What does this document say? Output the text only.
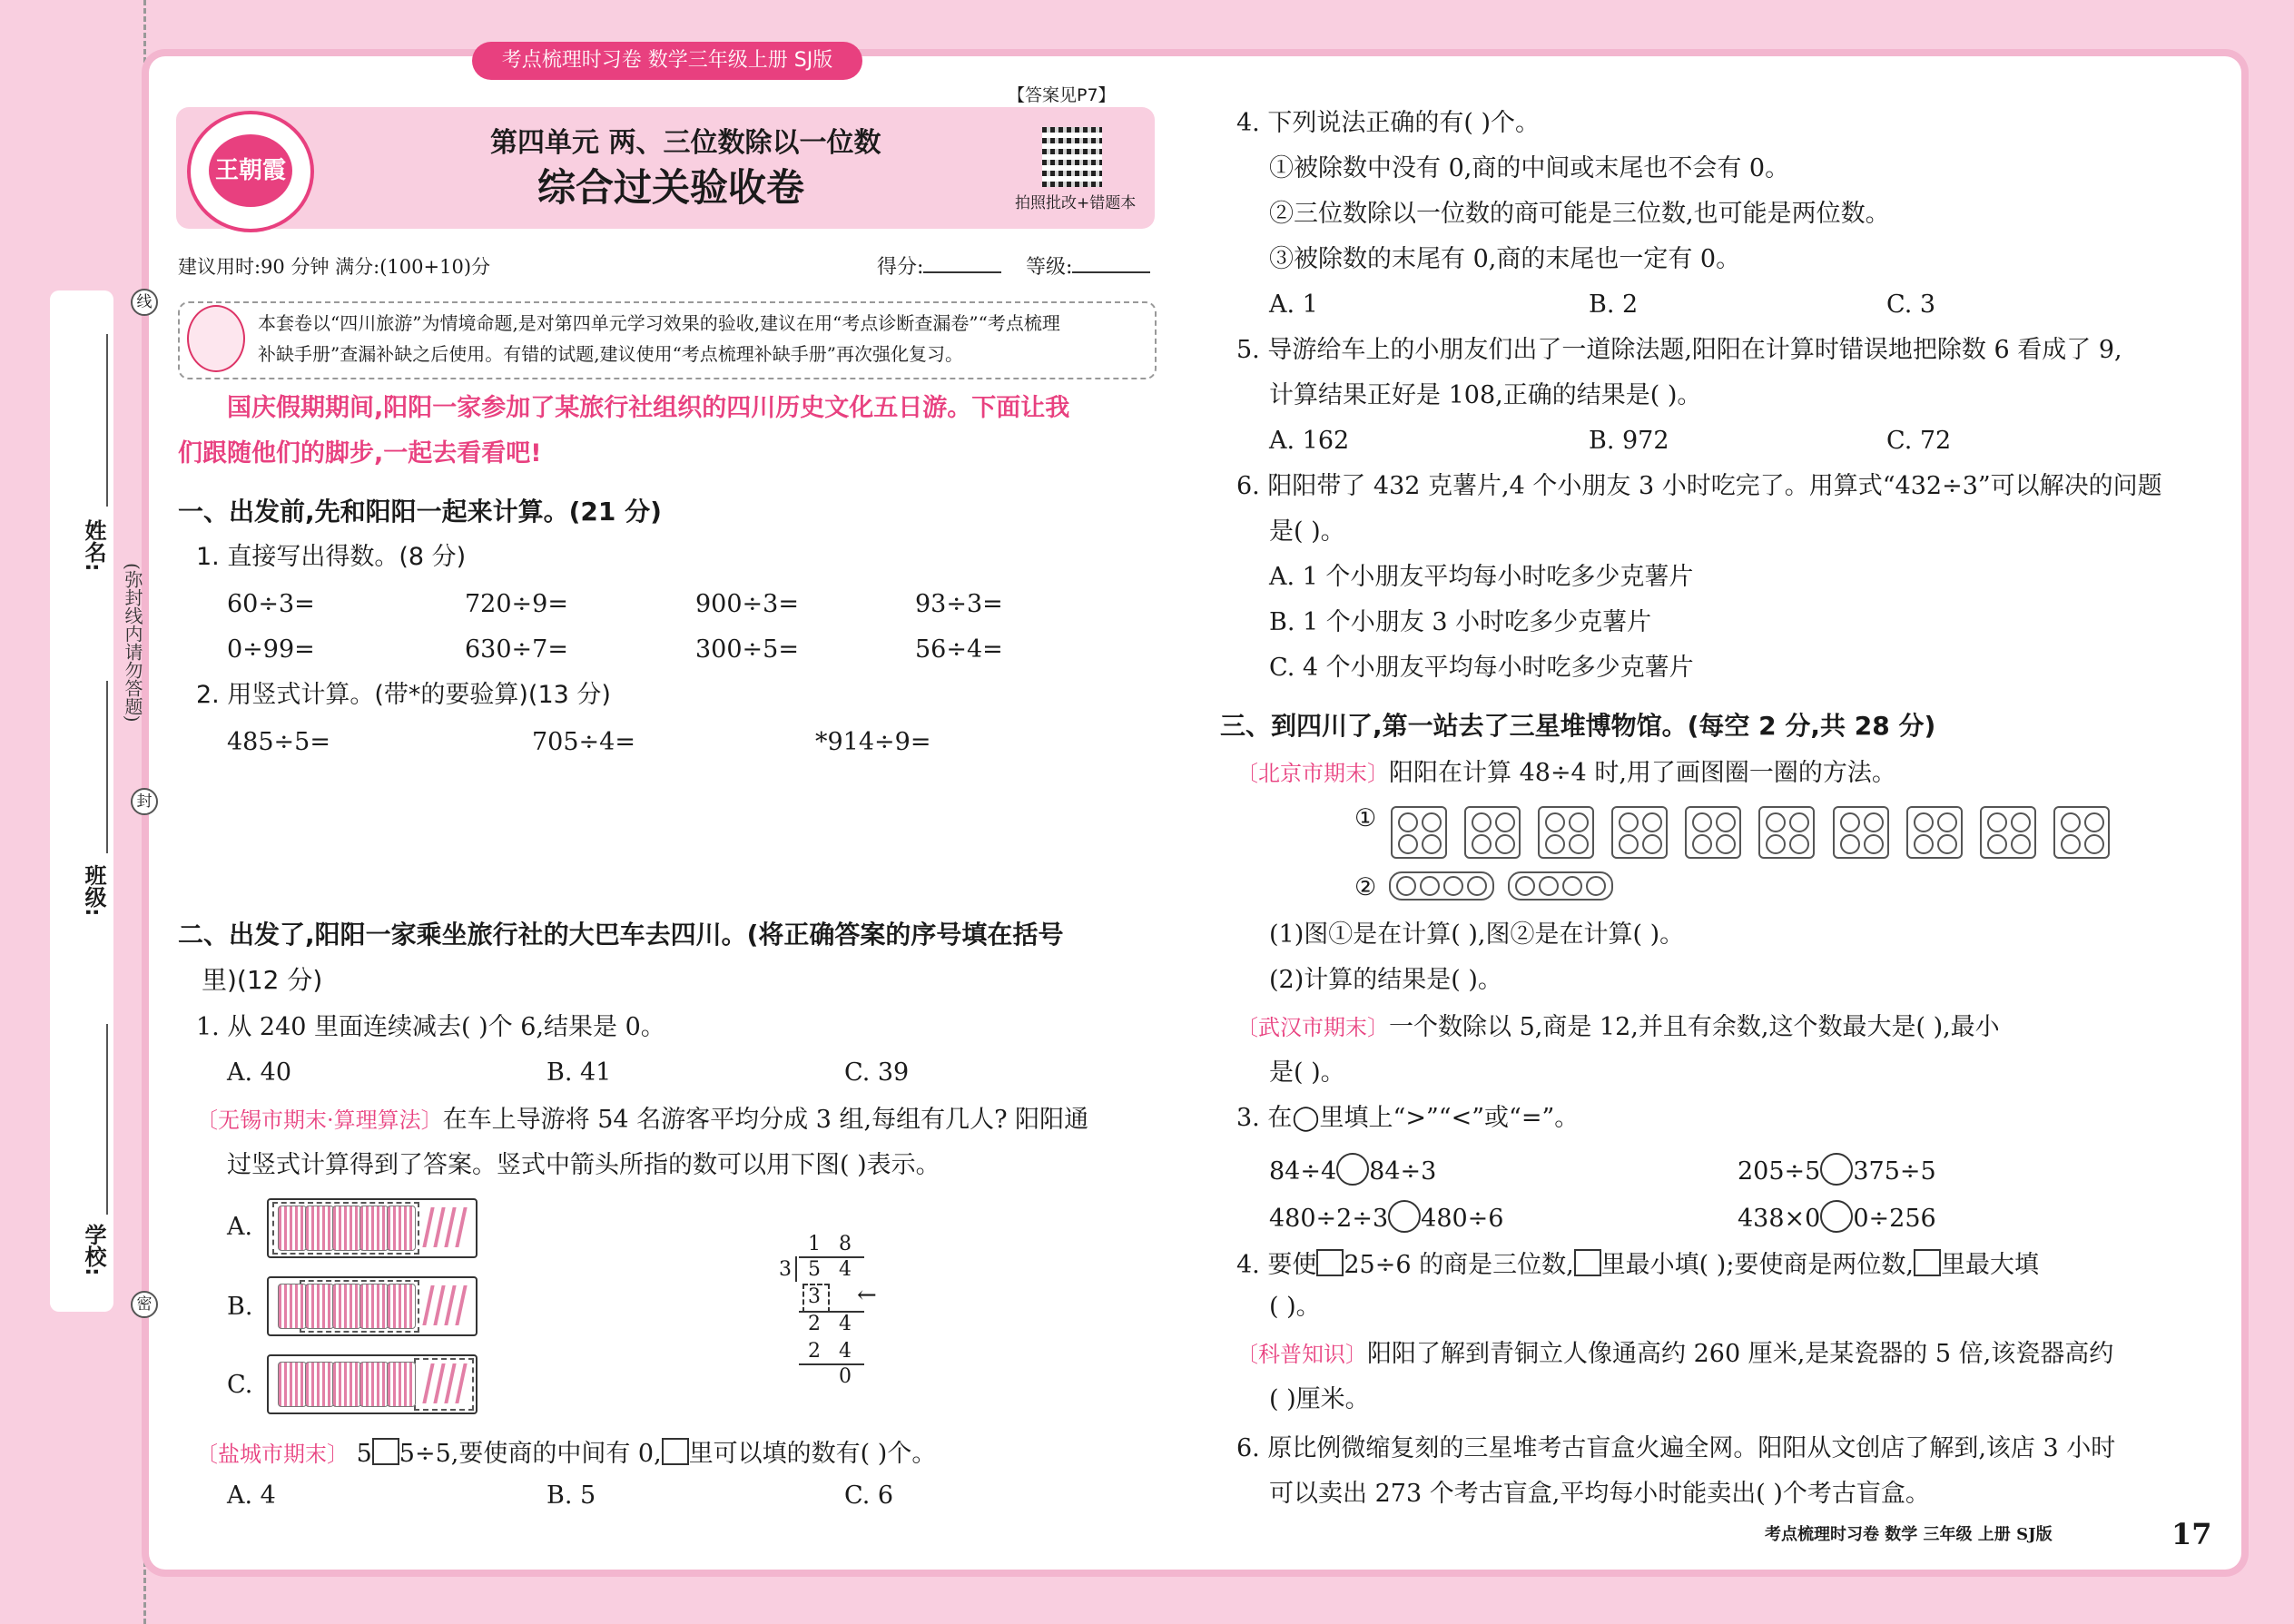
姓名:
班级:
学校:
(弥封线内请勿答题)
线
封
密
考点梳理时习卷 数学三年级上册 SJ版
王朝霞
【答案见P7】
第四单元 两、三位数除以一位数
综合过关验收卷	拍照批改+错题本
建议用时:90 分钟 满分:(100+10)分	得分:	等级:
本套卷以“四川旅游”为情境命题,是对第四单元学习效果的验收,建议在用“考点诊断查漏卷”“考点梳理
补缺手册”查漏补缺之后使用。有错的试题,建议使用“考点梳理补缺手册”再次强化复习。
国庆假期期间,阳阳一家参加了某旅行社组织的四川历史文化五日游。下面让我
们跟随他们的脚步,一起去看看吧!
一、出发前,先和阳阳一起来计算。(21 分)
1. 直接写出得数。(8 分)
60÷3=	720÷9=	900÷3=	93÷3=
0÷99=	630÷7=	300÷5=	56÷4=
2. 用竖式计算。(带*的要验算)(13 分)
485÷5=	705÷4=	*914÷9=
二、出发了,阳阳一家乘坐旅行社的大巴车去四川。(将正确答案的序号填在括号
里)(12 分)
1. 从 240 里面连续减去( )个 6,结果是 0。
A. 40	B. 41	C. 39
〔无锡市期末·算理算法〕在车上导游将 54 名游客平均分成 3 组,每组有几人? 阳阳通
过竖式计算得到了答案。竖式中箭头所指的数可以用下图( )表示。
A.
B.
C.
1 8
3 5 4
3 ←
2 4
2 4
0
〔盐城市期末〕 5 5÷5,要使商的中间有 0, 里可以填的数有( )个。
A. 4	B. 5	C. 6
4. 下列说法正确的有( )个。
①被除数中没有 0,商的中间或末尾也不会有 0。
②三位数除以一位数的商可能是三位数,也可能是两位数。
③被除数的末尾有 0,商的末尾也一定有 0。
A. 1	B. 2	C. 3
5. 导游给车上的小朋友们出了一道除法题,阳阳在计算时错误地把除数 6 看成了 9,
计算结果正好是 108,正确的结果是( )。
A. 162	B. 972	C. 72
6. 阳阳带了 432 克薯片,4 个小朋友 3 小时吃完了。用算式“432÷3”可以解决的问题
是( )。
A. 1 个小朋友平均每小时吃多少克薯片
B. 1 个小朋友 3 小时吃多少克薯片
C. 4 个小朋友平均每小时吃多少克薯片
三、到四川了,第一站去了三星堆博物馆。(每空 2 分,共 28 分)
〔北京市期末〕阳阳在计算 48÷4 时,用了画图圈一圈的方法。
①

②

(1)图①是在计算( ),图②是在计算( )。
(2)计算的结果是( )。
〔武汉市期末〕一个数除以 5,商是 12,并且有余数,这个数最大是( ),最小
是( )。
3. 在◯里填上“>”“<”或“=”。
84÷4 84÷3	205÷5 375÷5
480÷2÷3 480÷6	438×0 0÷256
4. 要使 25÷6 的商是三位数, 里最小填( );要使商是两位数, 里最大填
( )。
〔科普知识〕阳阳了解到青铜立人像通高约 260 厘米,是某瓷器的 5 倍,该瓷器高约
( )厘米。
6. 原比例微缩复刻的三星堆考古盲盒火遍全网。阳阳从文创店了解到,该店 3 小时
可以卖出 273 个考古盲盒,平均每小时能卖出( )个考古盲盒。
考点梳理时习卷 数学 三年级 上册 SJ版	17
